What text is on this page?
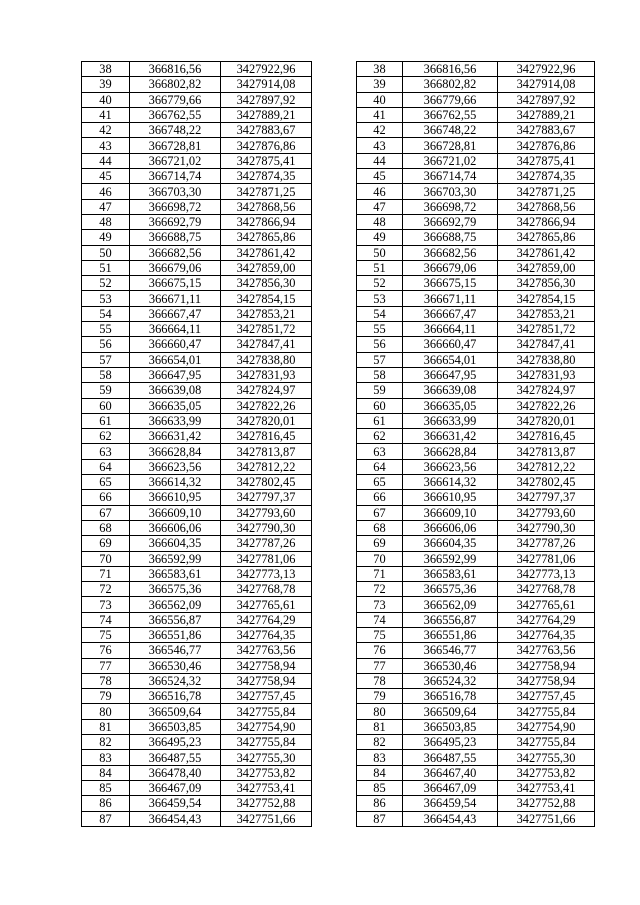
38	366816,56	3427922,96		38	366816,56	3427922,96
39	366802,82	3427914,08		39	366802,82	3427914,08
40	366779,66	3427897,92		40	366779,66	3427897,92
41	366762,55	3427889,21		41	366762,55	3427889,21
42	366748,22	3427883,67		42	366748,22	3427883,67
43	366728,81	3427876,86		43	366728,81	3427876,86
44	366721,02	3427875,41		44	366721,02	3427875,41
45	366714,74	3427874,35		45	366714,74	3427874,35
46	366703,30	3427871,25		46	366703,30	3427871,25
47	366698,72	3427868,56		47	366698,72	3427868,56
48	366692,79	3427866,94		48	366692,79	3427866,94
49	366688,75	3427865,86		49	366688,75	3427865,86
50	366682,56	3427861,42		50	366682,56	3427861,42
51	366679,06	3427859,00		51	366679,06	3427859,00
52	366675,15	3427856,30		52	366675,15	3427856,30
53	366671,11	3427854,15		53	366671,11	3427854,15
54	366667,47	3427853,21		54	366667,47	3427853,21
55	366664,11	3427851,72		55	366664,11	3427851,72
56	366660,47	3427847,41		56	366660,47	3427847,41
57	366654,01	3427838,80		57	366654,01	3427838,80
58	366647,95	3427831,93		58	366647,95	3427831,93
59	366639,08	3427824,97		59	366639,08	3427824,97
60	366635,05	3427822,26		60	366635,05	3427822,26
61	366633,99	3427820,01		61	366633,99	3427820,01
62	366631,42	3427816,45		62	366631,42	3427816,45
63	366628,84	3427813,87		63	366628,84	3427813,87
64	366623,56	3427812,22		64	366623,56	3427812,22
65	366614,32	3427802,45		65	366614,32	3427802,45
66	366610,95	3427797,37		66	366610,95	3427797,37
67	366609,10	3427793,60		67	366609,10	3427793,60
68	366606,06	3427790,30		68	366606,06	3427790,30
69	366604,35	3427787,26		69	366604,35	3427787,26
70	366592,99	3427781,06		70	366592,99	3427781,06
71	366583,61	3427773,13		71	366583,61	3427773,13
72	366575,36	3427768,78		72	366575,36	3427768,78
73	366562,09	3427765,61		73	366562,09	3427765,61
74	366556,87	3427764,29		74	366556,87	3427764,29
75	366551,86	3427764,35		75	366551,86	3427764,35
76	366546,77	3427763,56		76	366546,77	3427763,56
77	366530,46	3427758,94		77	366530,46	3427758,94
78	366524,32	3427758,94		78	366524,32	3427758,94
79	366516,78	3427757,45		79	366516,78	3427757,45
80	366509,64	3427755,84		80	366509,64	3427755,84
81	366503,85	3427754,90		81	366503,85	3427754,90
82	366495,23	3427755,84		82	366495,23	3427755,84
83	366487,55	3427755,30		83	366487,55	3427755,30
84	366478,40	3427753,82		84	366467,40	3427753,82
85	366467,09	3427753,41		85	366467,09	3427753,41
86	366459,54	3427752,88		86	366459,54	3427752,88
87	366454,43	3427751,66		87	366454,43	3427751,66
